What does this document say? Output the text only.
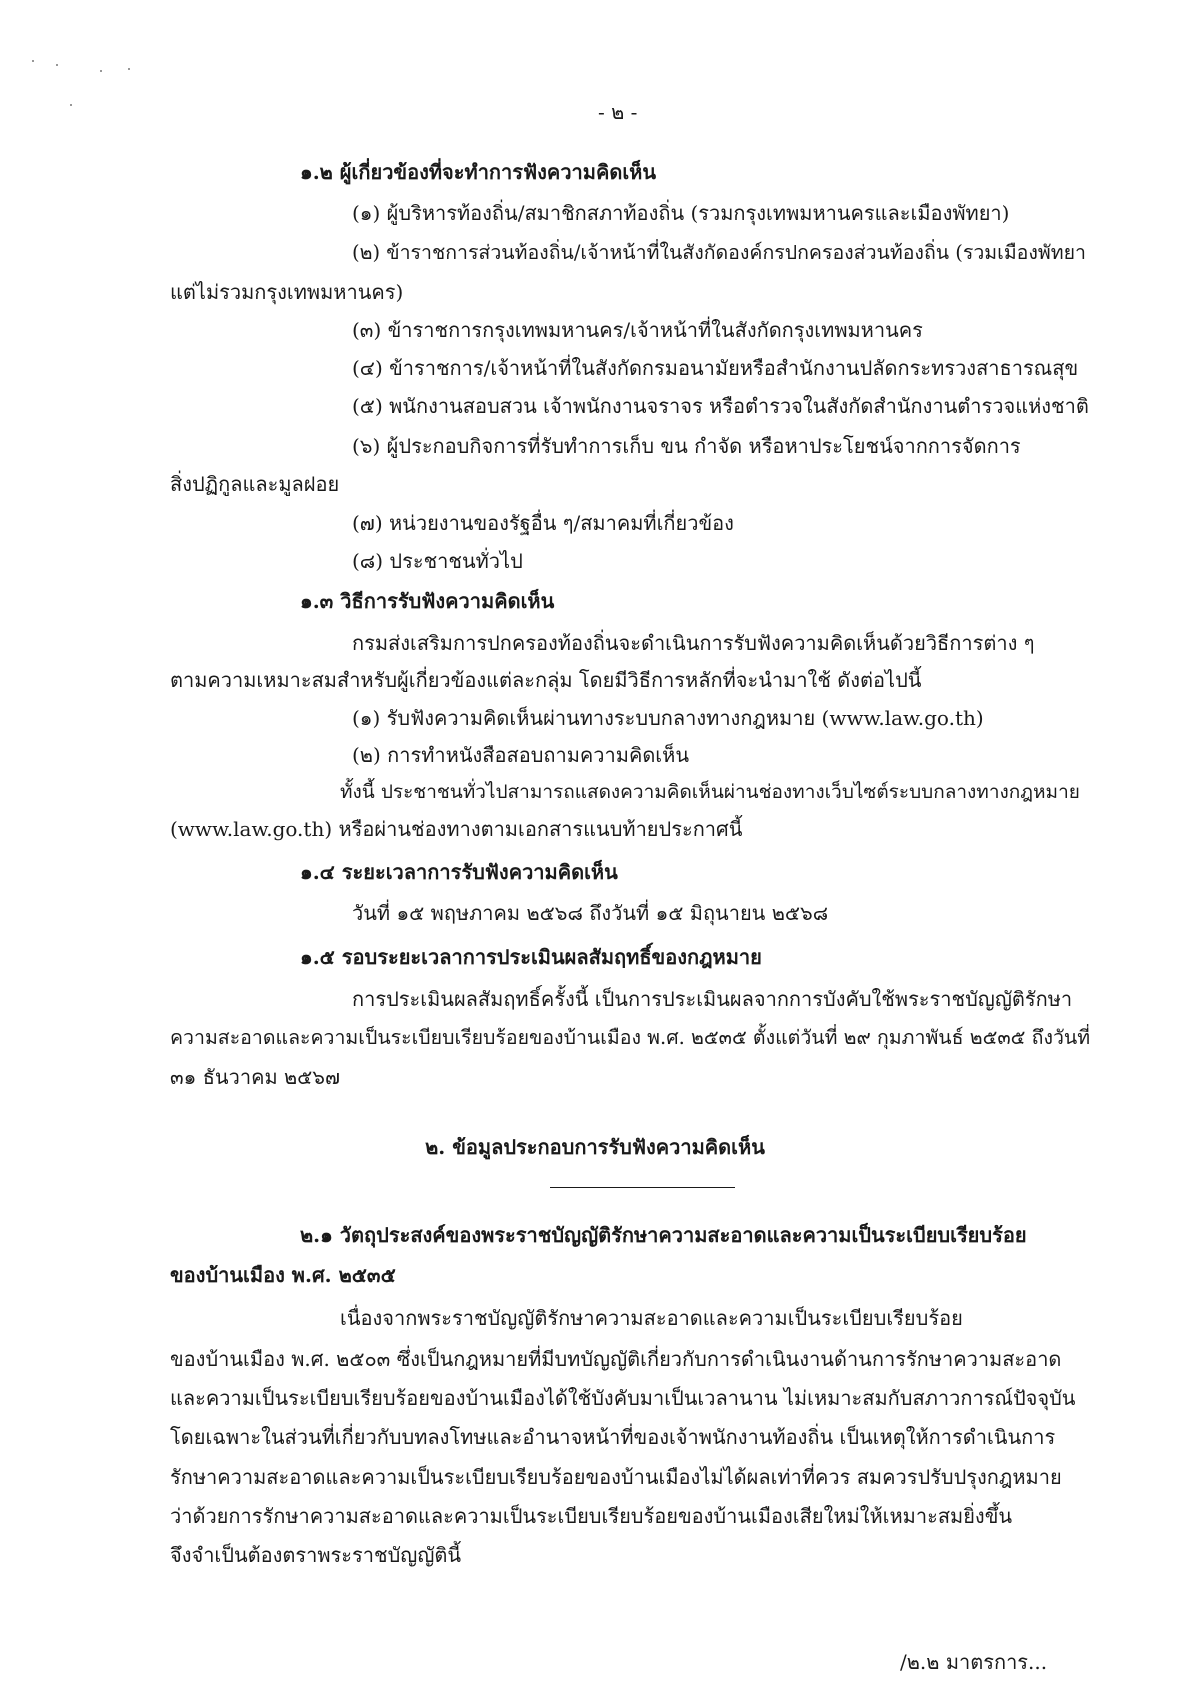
- ๒ -
๑.๒ ผู้เกี่ยวข้องที่จะทำการฟังความคิดเห็น
(๑) ผู้บริหารท้องถิ่น/สมาชิกสภาท้องถิ่น (รวมกรุงเทพมหานครและเมืองพัทยา)
(๒) ข้าราชการส่วนท้องถิ่น/เจ้าหน้าที่ในสังกัดองค์กรปกครองส่วนท้องถิ่น (รวมเมืองพัทยา
แต่ไม่รวมกรุงเทพมหานคร)
(๓) ข้าราชการกรุงเทพมหานคร/เจ้าหน้าที่ในสังกัดกรุงเทพมหานคร
(๔) ข้าราชการ/เจ้าหน้าที่ในสังกัดกรมอนามัยหรือสำนักงานปลัดกระทรวงสาธารณสุข
(๕) พนักงานสอบสวน เจ้าพนักงานจราจร หรือตำรวจในสังกัดสำนักงานตำรวจแห่งชาติ
(๖) ผู้ประกอบกิจการที่รับทำการเก็บ ขน กำจัด หรือหาประโยชน์จากการจัดการ
สิ่งปฏิกูลและมูลฝอย
(๗) หน่วยงานของรัฐอื่น ๆ/สมาคมที่เกี่ยวข้อง
(๘) ประชาชนทั่วไป
๑.๓ วิธีการรับฟังความคิดเห็น
กรมส่งเสริมการปกครองท้องถิ่นจะดำเนินการรับฟังความคิดเห็นด้วยวิธีการต่าง ๆ
ตามความเหมาะสมสำหรับผู้เกี่ยวข้องแต่ละกลุ่ม โดยมีวิธีการหลักที่จะนำมาใช้ ดังต่อไปนี้
(๑) รับฟังความคิดเห็นผ่านทางระบบกลางทางกฎหมาย (www.law.go.th)
(๒) การทำหนังสือสอบถามความคิดเห็น
ทั้งนี้ ประชาชนทั่วไปสามารถแสดงความคิดเห็นผ่านช่องทางเว็บไซต์ระบบกลางทางกฎหมาย
(www.law.go.th) หรือผ่านช่องทางตามเอกสารแนบท้ายประกาศนี้
๑.๔ ระยะเวลาการรับฟังความคิดเห็น
วันที่ ๑๕ พฤษภาคม ๒๕๖๘ ถึงวันที่ ๑๕ มิถุนายน ๒๕๖๘
๑.๕ รอบระยะเวลาการประเมินผลสัมฤทธิ์ของกฎหมาย
การประเมินผลสัมฤทธิ์ครั้งนี้ เป็นการประเมินผลจากการบังคับใช้พระราชบัญญัติรักษา
ความสะอาดและความเป็นระเบียบเรียบร้อยของบ้านเมือง พ.ศ. ๒๕๓๕ ตั้งแต่วันที่ ๒๙ กุมภาพันธ์ ๒๕๓๕ ถึงวันที่
๓๑ ธันวาคม ๒๕๖๗
๒. ข้อมูลประกอบการรับฟังความคิดเห็น
๒.๑ วัตถุประสงค์ของพระราชบัญญัติรักษาความสะอาดและความเป็นระเบียบเรียบร้อย
ของบ้านเมือง พ.ศ. ๒๕๓๕
เนื่องจากพระราชบัญญัติรักษาความสะอาดและความเป็นระเบียบเรียบร้อย
ของบ้านเมือง พ.ศ. ๒๕๐๓ ซึ่งเป็นกฎหมายที่มีบทบัญญัติเกี่ยวกับการดำเนินงานด้านการรักษาความสะอาด
และความเป็นระเบียบเรียบร้อยของบ้านเมืองได้ใช้บังคับมาเป็นเวลานาน ไม่เหมาะสมกับสภาวการณ์ปัจจุบัน
โดยเฉพาะในส่วนที่เกี่ยวกับบทลงโทษและอำนาจหน้าที่ของเจ้าพนักงานท้องถิ่น เป็นเหตุให้การดำเนินการ
รักษาความสะอาดและความเป็นระเบียบเรียบร้อยของบ้านเมืองไม่ได้ผลเท่าที่ควร สมควรปรับปรุงกฎหมาย
ว่าด้วยการรักษาความสะอาดและความเป็นระเบียบเรียบร้อยของบ้านเมืองเสียใหม่ให้เหมาะสมยิ่งขึ้น
จึงจำเป็นต้องตราพระราชบัญญัตินี้
/๒.๒ มาตรการ...
